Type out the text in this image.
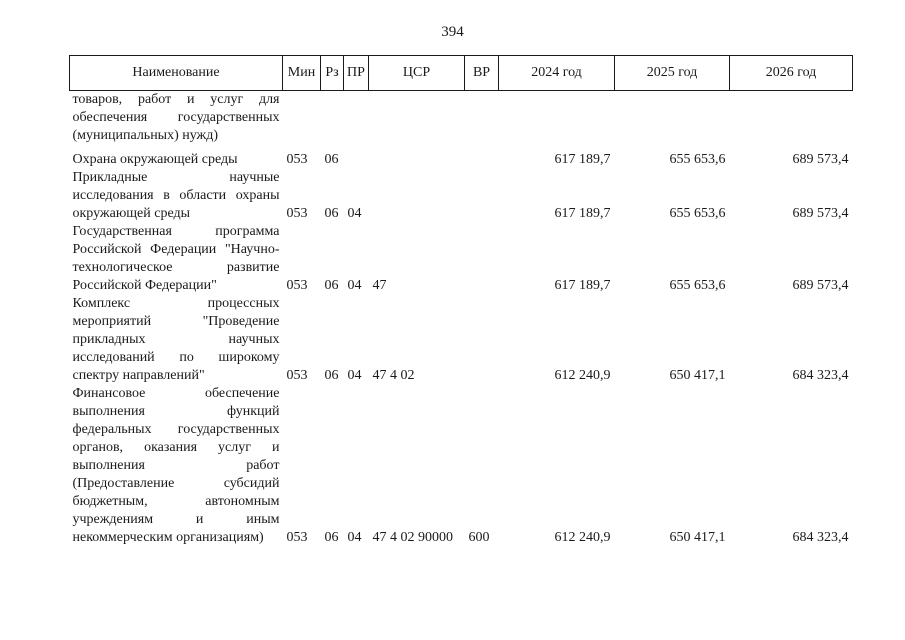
394
Наименование	Мин	Рз	ПР	ЦСР	ВР	2024 год	2025 год	2026 год
товаров, работ и услуг для обеспечения государственных (муниципальных) нужд)								
Охрана окружающей среды	053	06				617 189,7	655 653,6	689 573,4
Прикладные научные исследования в области охраны окружающей среды	053	06	04			617 189,7	655 653,6	689 573,4
Государственная программа Российской Федерации "Научно-технологическое развитие Российской Федерации"	053	06	04	47		617 189,7	655 653,6	689 573,4
Комплекс процессных мероприятий "Проведение прикладных научных исследований по широкому спектру направлений"	053	06	04	47 4 02		612 240,9	650 417,1	684 323,4
Финансовое обеспечение выполнения функций федеральных государственных органов, оказания услуг и выполнения работ (Предоставление субсидий бюджетным, автономным учреждениям и иным некоммерческим организациям)	053	06	04	47 4 02 90000	600	612 240,9	650 417,1	684 323,4
